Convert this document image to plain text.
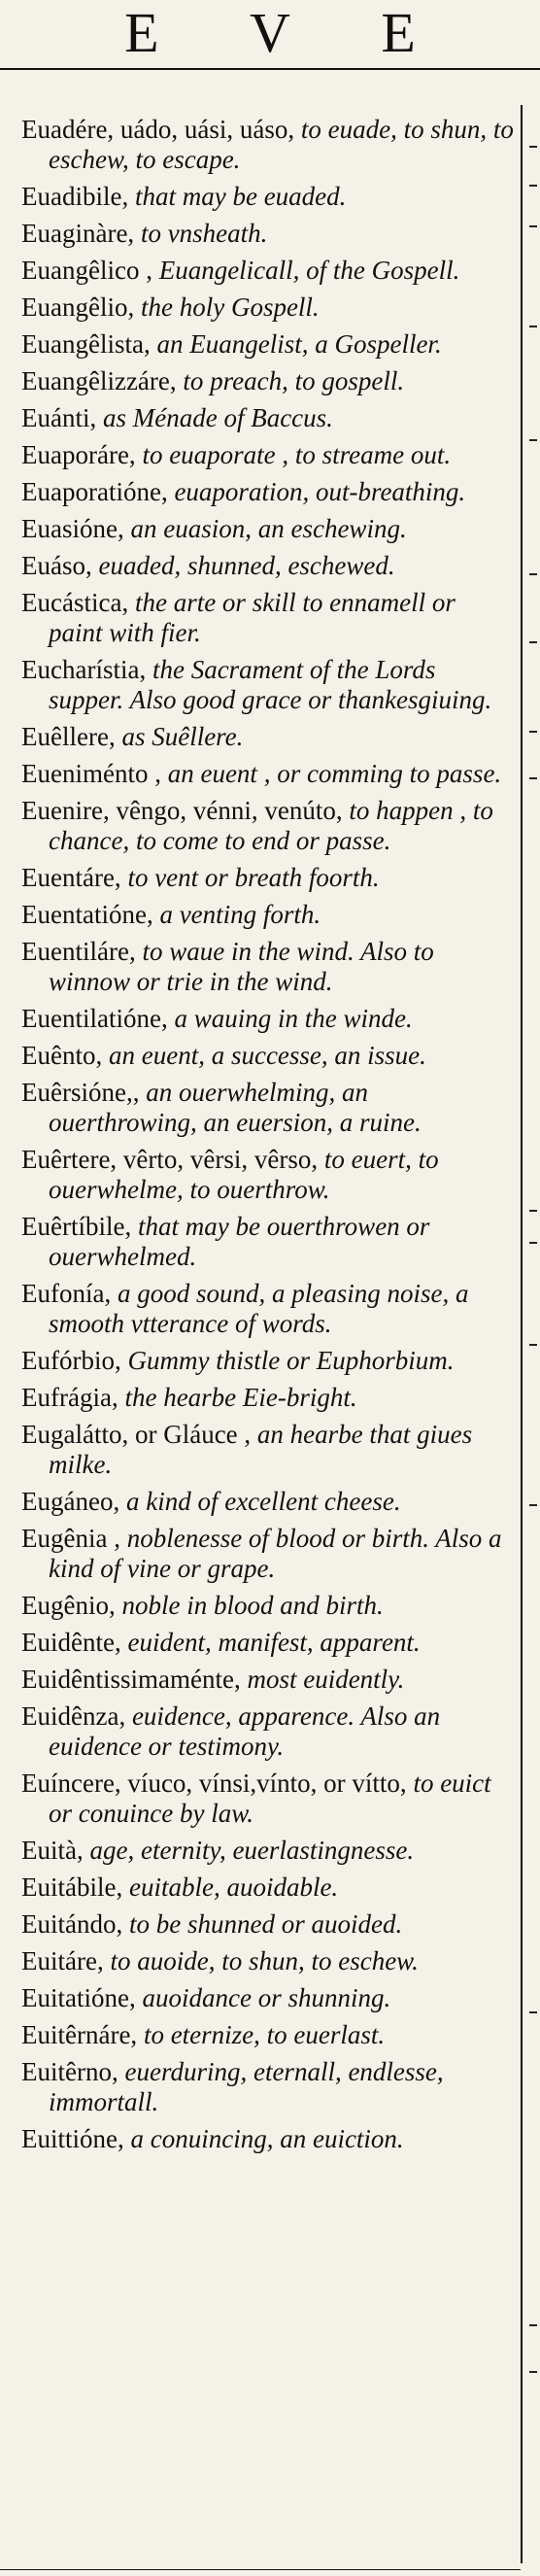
E V E
Euadére, uádo, uási, uáso, to euade, to shun, to eschew, to escape.
Euadibile, that may be euaded.
Euaginàre, to vnsheath.
Euangêlico , Euangelicall, of the Gospell.
Euangêlio, the holy Gospell.
Euangêlista, an Euangelist, a Gospeller.
Euangêlizzáre, to preach, to gospell.
Euánti, as Ménade of Baccus.
Euaporáre, to euaporate , to streame out.
Euaporatióne, euaporation, out-breathing.
Euasióne, an euasion, an eschewing.
Euáso, euaded, shunned, eschewed.
Eucástica, the arte or skill to ennamell or paint with fier.
Eucharístia, the Sacrament of the Lords supper. Also good grace or thankesgiuing.
Euêllere, as Suêllere.
Eueniménto , an euent , or comming to passe.
Euenire, vêngo, vénni, venúto, to happen , to chance, to come to end or passe.
Euentáre, to vent or breath foorth.
Euentatióne, a venting forth.
Euentiláre, to waue in the wind. Also to winnow or trie in the wind.
Euentilatióne, a wauing in the winde.
Euênto, an euent, a successe, an issue.
Euêrsióne,, an ouerwhelming, an ouerthrowing, an euersion, a ruine.
Euêrtere, vêrto, vêrsi, vêrso, to euert, to ouerwhelme, to ouerthrow.
Euêrtíbile, that may be ouerthrowen or ouerwhelmed.
Eufonía, a good sound, a pleasing noise, a smooth vtterance of words.
Eufórbio, Gummy thistle or Euphorbium.
Eufrágia, the hearbe Eie-bright.
Eugalátto, or Gláuce , an hearbe that giues milke.
Eugáneo, a kind of excellent cheese.
Eugênia , noblenesse of blood or birth. Also a kind of vine or grape.
Eugênio, noble in blood and birth.
Euidênte, euident, manifest, apparent.
Euidêntissimaménte, most euidently.
Euidênza, euidence, apparence. Also an euidence or testimony.
Euíncere, víuco, vínsi,vínto, or vítto, to euict or conuince by law.
Euità, age, eternity, euerlastingnesse.
Euitábile, euitable, auoidable.
Euitándo, to be shunned or auoided.
Euitáre, to auoide, to shun, to eschew.
Euitatióne, auoidance or shunning.
Euitêrnáre, to eternize, to euerlast.
Euitêrno, euerduring, eternall, endlesse, immortall.
Euittióne, a conuincing, an euiction.
